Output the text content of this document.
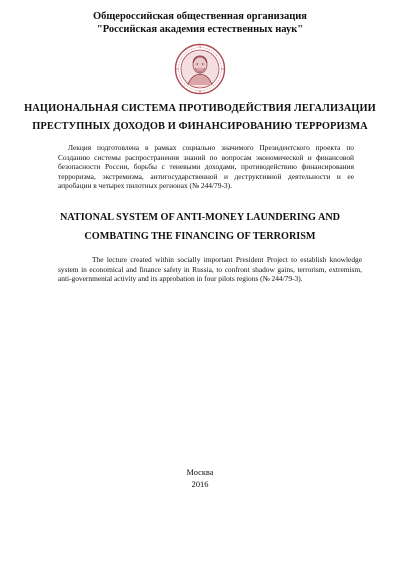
Общероссийская общественная организация
"Российская академия естественных наук"
НАЦИОНАЛЬНАЯ СИСТЕМА ПРОТИВОДЕЙСТВИЯ ЛЕГАЛИЗАЦИИ
ПРЕСТУПНЫХ ДОХОДОВ И ФИНАНСИРОВАНИЮ ТЕРРОРИЗМА
Лекция подготовлена в рамках социально значимого Президентского проекта по Созданию системы распространения знаний по вопросам экономической и финансовой безопасности России, борьбы с теневыми доходами, противодействию финансирования терроризма, экстремизма, антигосударственной и деструктивной деятельности и ее апробации в четырех пилотных регионах (№ 244/79-3).
NATIONAL SYSTEM OF ANTI-MONEY LAUNDERING AND
COMBATING THE FINANCING OF TERRORISM
The lecture created within socially important President Project to establish knowledge system in economical and finance safety in Russia, to confront shadow gains, terrorism, extremism, anti-governmental activity and its approbation in four pilots regions (№ 244/79-3).
Москва
2016
